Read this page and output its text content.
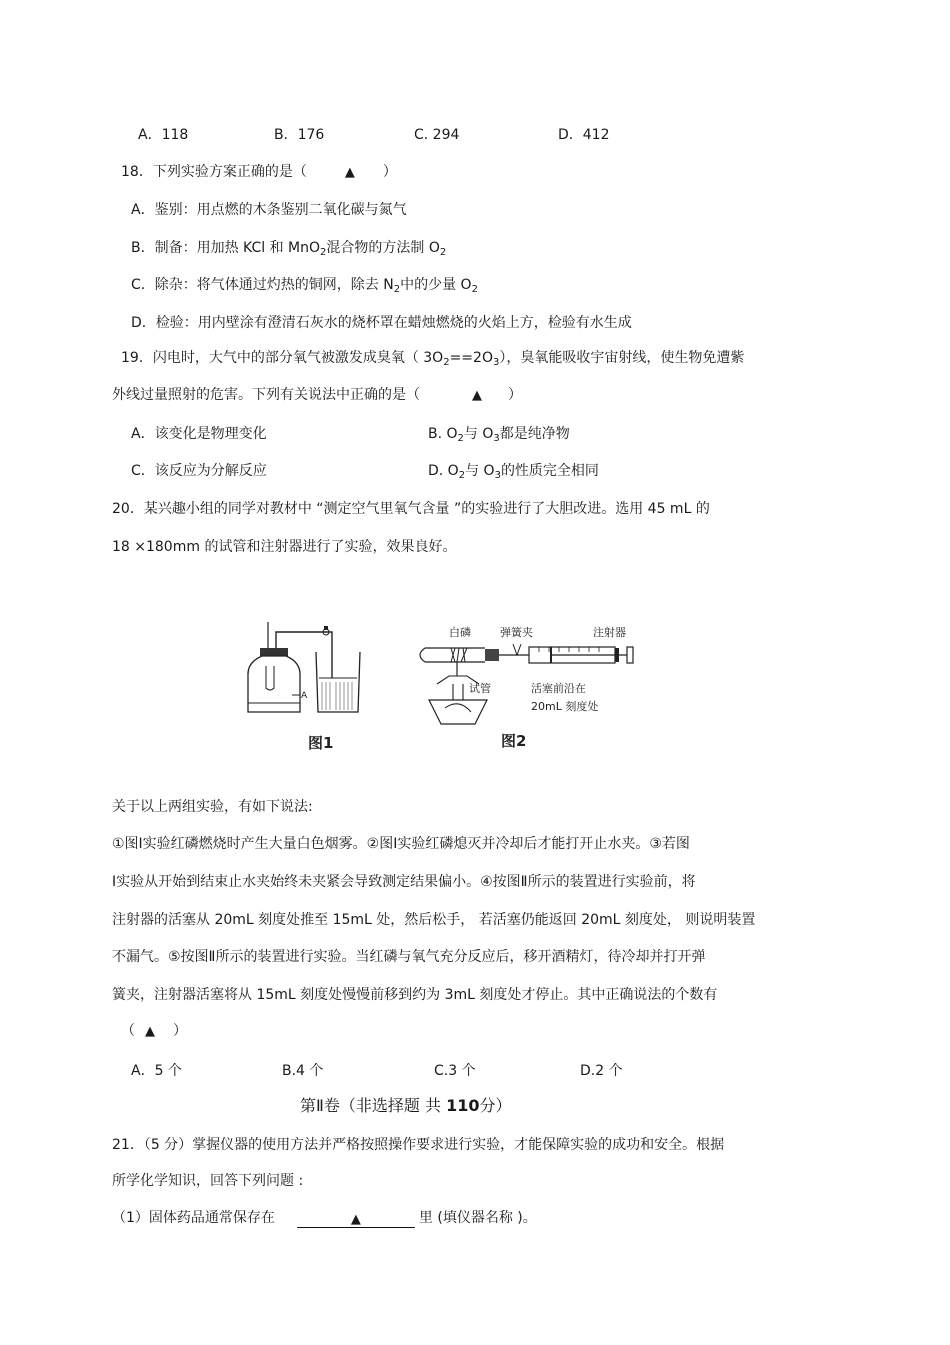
A．118	B．176	C. 294	D．412
18．下列实验方案正确的是（	▲ ）
A．鉴别：用点燃的木条鉴别二氧化碳与氮气
B．制备：用加热 KCl 和 MnO$_2$混合物的方法制 $O_2$
C．除杂：将气体通过灼热的铜网，除去 $N_2$中的少量 $O_2$
D．检验：用内壁涂有澄清石灰水的烧杯罩在蜡烛燃烧的火焰上方，检验有水生成
19．闪电时，大气中的部分氧气被激发成臭氧（ $3O_2==2O_3$），臭氧能吸收宇宙射线，使生物免遭紫
外线过量照射的危害。下列有关说法中正确的是（	▲ ）
A．该变化是物理变化	B. $O_2$与 $O_3$都是纯净物
C．该反应为分解反应	D. $O_2$与 $O_3$的性质完全相同
20．某兴趣小组的同学对教材中 “测定空气里氧气含量 ”的实验进行了大胆改进。选用 45 mL 的
18 ×180mm 的试管和注射器进行了实验，效果良好。
A
图1
白磷	弹簧夹	注射器
试管	活塞前沿在
20mL 刻度处
图2
关于以上两组实验，有如下说法:
①图Ⅰ实验红磷燃烧时产生大量白色烟雾。②图Ⅰ实验红磷熄灭并冷却后才能打开止水夹。③若图
Ⅰ实验从开始到结束止水夹始终未夹紧会导致测定结果偏小。④按图Ⅱ所示的装置进行实验前，将
注射器的活塞从 20mL 刻度处推至 15mL 处，然后松手， 若活塞仍能返回 20mL 刻度处， 则说明装置
不漏气。⑤按图Ⅱ所示的装置进行实验。当红磷与氧气充分反应后，移开酒精灯，待冷却并打开弹
簧夹，注射器活塞将从 15mL 刻度处慢慢前移到约为 3mL 刻度处才停止。其中正确说法的个数有
（ ▲ ）
A．5 个	B.4 个	C.3 个	D.2 个
第Ⅱ卷（非选择题 共 110分）
21．（5 分）掌握仪器的使用方法并严格按照操作要求进行实验，才能保障实验的成功和安全。根据
所学化学知识，回答下列问题 :
（1）固体药品通常保存在	▲	里 (填仪器名称 )。
